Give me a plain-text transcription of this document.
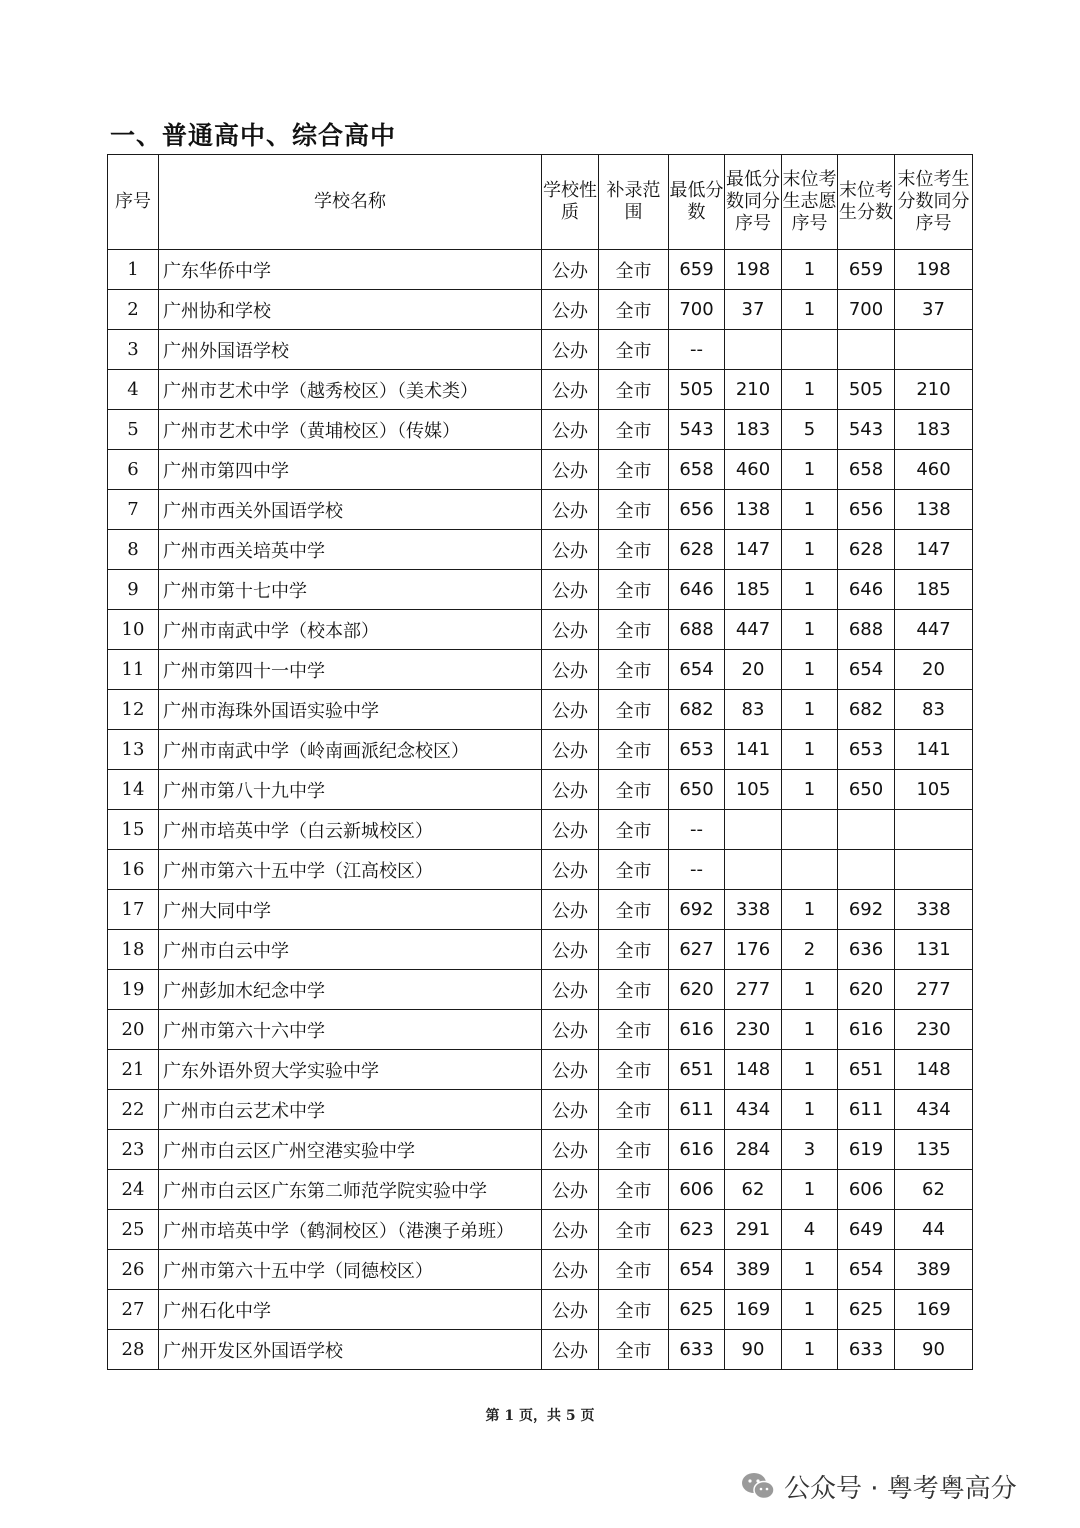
一、普通高中、综合高中
序号	学校名称	学校性质	补录范围	最低分数	最低分数同分序号	末位考生志愿序号	末位考生分数	末位考生分数同分序号
1	广东华侨中学	公办	全市	659	198	1	659	198
2	广州协和学校	公办	全市	700	37	1	700	37
3	广州外国语学校	公办	全市	--				
4	广州市艺术中学（越秀校区）（美术类）	公办	全市	505	210	1	505	210
5	广州市艺术中学（黄埔校区）（传媒）	公办	全市	543	183	5	543	183
6	广州市第四中学	公办	全市	658	460	1	658	460
7	广州市西关外国语学校	公办	全市	656	138	1	656	138
8	广州市西关培英中学	公办	全市	628	147	1	628	147
9	广州市第十七中学	公办	全市	646	185	1	646	185
10	广州市南武中学（校本部）	公办	全市	688	447	1	688	447
11	广州市第四十一中学	公办	全市	654	20	1	654	20
12	广州市海珠外国语实验中学	公办	全市	682	83	1	682	83
13	广州市南武中学（岭南画派纪念校区）	公办	全市	653	141	1	653	141
14	广州市第八十九中学	公办	全市	650	105	1	650	105
15	广州市培英中学（白云新城校区）	公办	全市	--				
16	广州市第六十五中学（江高校区）	公办	全市	--				
17	广州大同中学	公办	全市	692	338	1	692	338
18	广州市白云中学	公办	全市	627	176	2	636	131
19	广州彭加木纪念中学	公办	全市	620	277	1	620	277
20	广州市第六十六中学	公办	全市	616	230	1	616	230
21	广东外语外贸大学实验中学	公办	全市	651	148	1	651	148
22	广州市白云艺术中学	公办	全市	611	434	1	611	434
23	广州市白云区广州空港实验中学	公办	全市	616	284	3	619	135
24	广州市白云区广东第二师范学院实验中学	公办	全市	606	62	1	606	62
25	广州市培英中学（鹤洞校区）（港澳子弟班）	公办	全市	623	291	4	649	44
26	广州市第六十五中学（同德校区）	公办	全市	654	389	1	654	389
27	广州石化中学	公办	全市	625	169	1	625	169
28	广州开发区外国语学校	公办	全市	633	90	1	633	90
第 1 页，共 5 页
公众号 · 粤考粤高分
